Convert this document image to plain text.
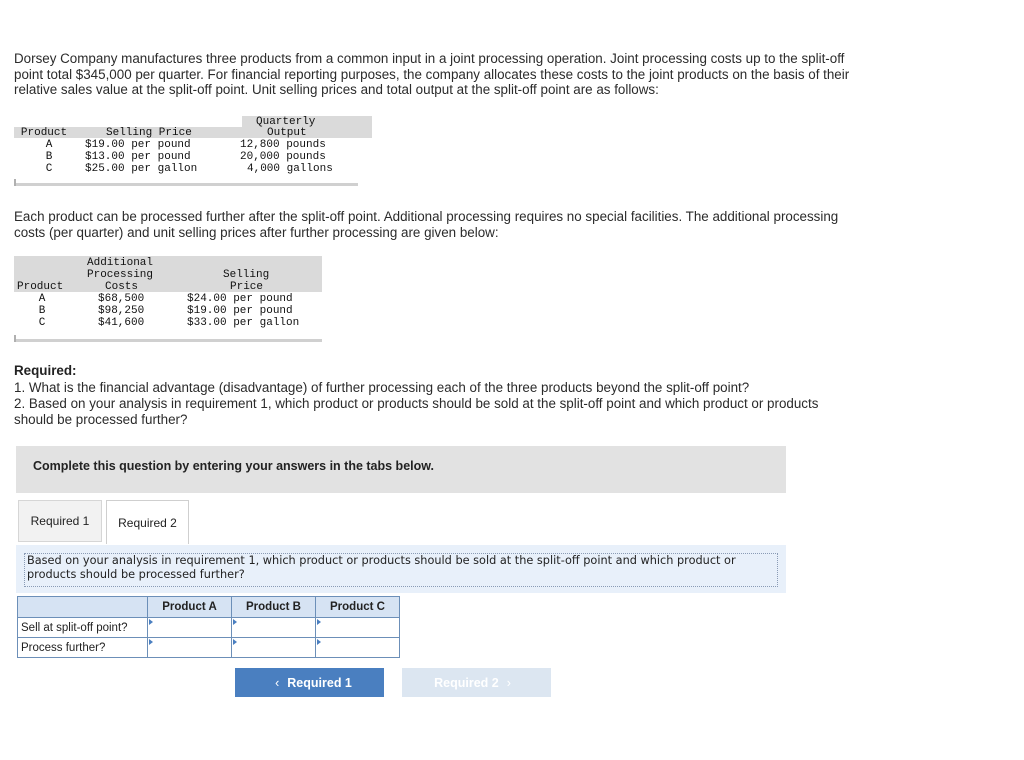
Dorsey Company manufactures three products from a common input in a joint processing operation. Joint processing costs up to the split-off point total $345,000 per quarter. For financial reporting purposes, the company allocates these costs to the joint products on the basis of their relative sales value at the split-off point. Unit selling prices and total output at the split-off point are as follows:
Quarterly
Product	Selling Price	Output
A	$19.00 per pound	12,800 pounds
B	$13.00 per pound	20,000 pounds
C	$25.00 per gallon	4,000 gallons
Each product can be processed further after the split-off point. Additional processing requires no special facilities. The additional processing costs (per quarter) and unit selling prices after further processing are given below:
Additional
Processing	Selling
Product	Costs	Price
A	$68,500	$24.00 per pound
B	$98,250	$19.00 per pound
C	$41,600	$33.00 per gallon
Required:
1. What is the financial advantage (disadvantage) of further processing each of the three products beyond the split-off point?
2. Based on your analysis in requirement 1, which product or products should be sold at the split-off point and which product or products should be processed further?
Complete this question by entering your answers in the tabs below.
Required 1	Required 2
Based on your analysis in requirement 1, which product or products should be sold at the split-off point and which product or products should be processed further?
	Product A	Product B	Product C
Sell at split-off point?			
Process further?			
‹ Required 1	Required 2 ›
